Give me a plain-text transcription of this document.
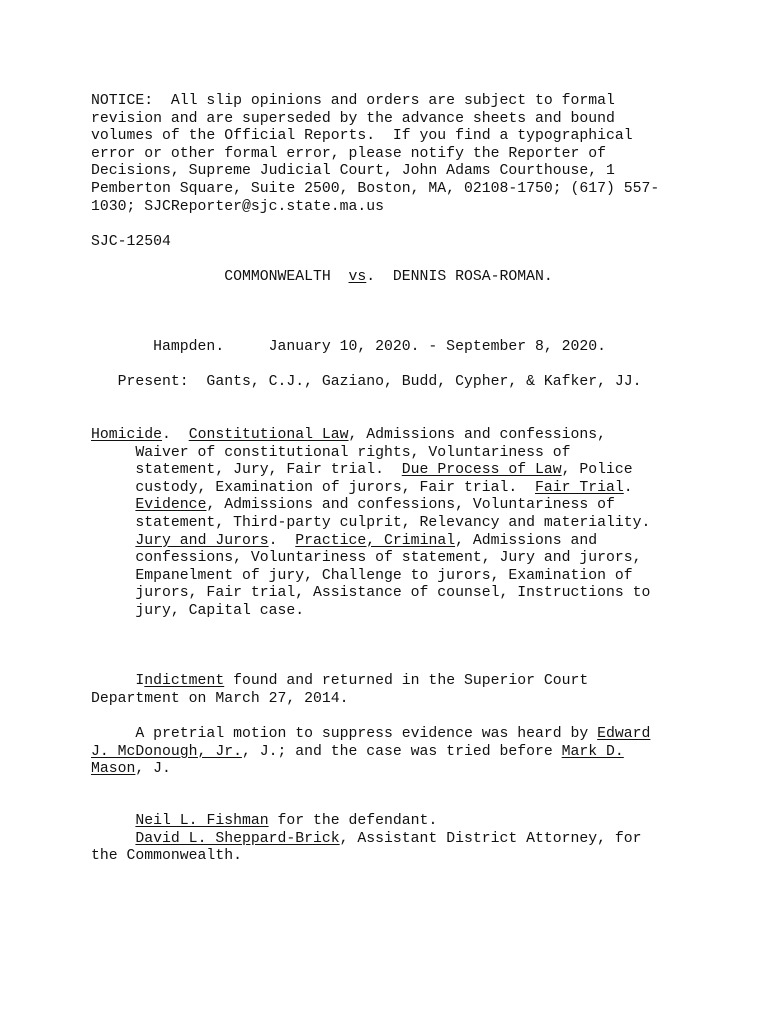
NOTICE:  All slip opinions and orders are subject to formal
revision and are superseded by the advance sheets and bound
volumes of the Official Reports.  If you find a typographical
error or other formal error, please notify the Reporter of
Decisions, Supreme Judicial Court, John Adams Courthouse, 1
Pemberton Square, Suite 2500, Boston, MA, 02108-1750; (617) 557-
1030; SJCReporter@sjc.state.ma.us
SJC-12504
COMMONWEALTH  vs.  DENNIS ROSA-ROMAN.
Hampden.     January 10, 2020. - September 8, 2020.
Present:  Gants, C.J., Gaziano, Budd, Cypher, & Kafker, JJ.
Homicide.  Constitutional Law, Admissions and confessions,
Waiver of constitutional rights, Voluntariness of
statement, Jury, Fair trial.  Due Process of Law, Police
custody, Examination of jurors, Fair trial.  Fair Trial.
Evidence, Admissions and confessions, Voluntariness of
statement, Third-party culprit, Relevancy and materiality.
Jury and Jurors.  Practice, Criminal, Admissions and
confessions, Voluntariness of statement, Jury and jurors,
Empanelment of jury, Challenge to jurors, Examination of
jurors, Fair trial, Assistance of counsel, Instructions to
jury, Capital case.
Indictment found and returned in the Superior Court
Department on March 27, 2014.
A pretrial motion to suppress evidence was heard by Edward
J. McDonough, Jr., J.; and the case was tried before Mark D.
Mason, J.
Neil L. Fishman for the defendant.
David L. Sheppard-Brick, Assistant District Attorney, for
the Commonwealth.
